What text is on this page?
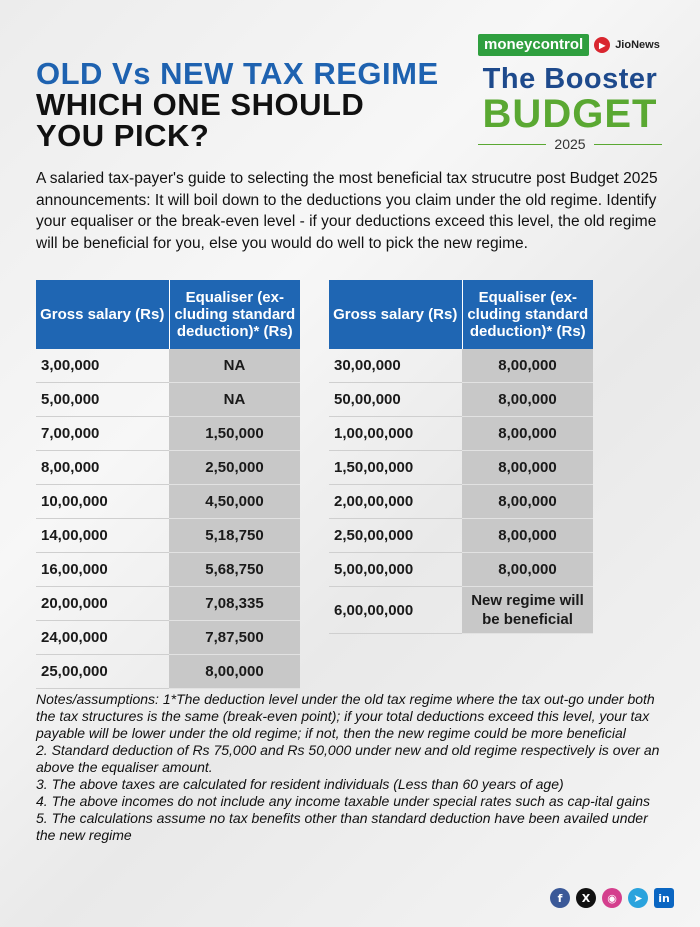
OLD Vs NEW TAX REGIME
WHICH ONE SHOULD
YOU PICK?
moneycontrol	▶ JioNews
The Booster
BUDGET
2025

A salaried tax-payer's guide to selecting the most beneficial tax strucutre post Budget 2025 announcements: It will boil down to the deductions you claim under the old regime. Identify your equaliser or the break-even level - if your deductions exceed this level, the old regime will be beneficial for you, else you would do well to pick the new regime.

Gross salary (Rs)	Equaliser (ex-cluding standard deduction)* (Rs)
3,00,000	NA
5,00,000	NA
7,00,000	1,50,000
8,00,000	2,50,000
10,00,000	4,50,000
14,00,000	5,18,750
16,00,000	5,68,750
20,00,000	7,08,335
24,00,000	7,87,500
25,00,000	8,00,000
Gross salary (Rs)	Equaliser (ex-cluding standard deduction)* (Rs)
30,00,000	8,00,000
50,00,000	8,00,000
1,00,00,000	8,00,000
1,50,00,000	8,00,000
2,00,00,000	8,00,000
2,50,00,000	8,00,000
5,00,00,000	8,00,000
6,00,00,000	New regime will be beneficial

Notes/assumptions: 1*The deduction level under the old tax regime where the tax out-go under both the tax structures is the same (break-even point); if your total deductions exceed this level, your tax payable will be lower under the old regime; if not, then the new regime could be more beneficial

2. Standard deduction of Rs 75,000 and Rs 50,000 under new and old regime respectively is over an above the equaliser amount.

3. The above taxes are calculated for resident individuals (Less than 60 years of age)

4. The above incomes do not include any income taxable under special rates such as cap-ital gains

5. The calculations assume no tax benefits other than standard deduction have been availed under the new regime

f	X	◉	➤	in
